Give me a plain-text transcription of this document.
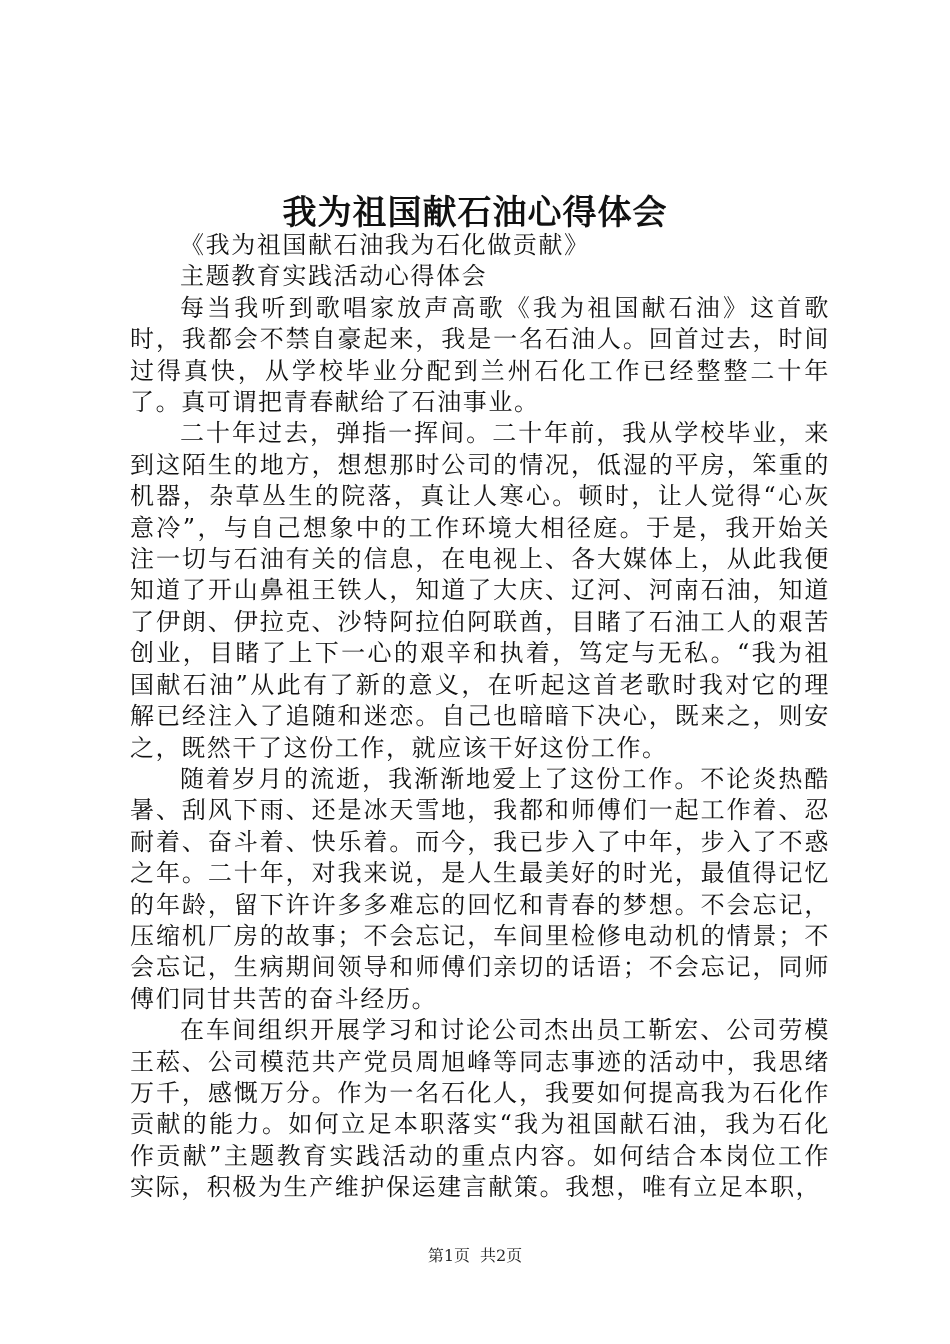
我为祖国献石油心得体会

《我为祖国献石油我为石化做贡献》

主题教育实践活动心得体会

每当我听到歌唱家放声高歌《我为祖国献石油》这首歌时，我都会不禁自豪起来，我是一名石油人。回首过去，时间过得真快，从学校毕业分配到兰州石化工作已经整整二十年了。真可谓把青春献给了石油事业。

二十年过去，弹指一挥间。二十年前，我从学校毕业，来到这陌生的地方，想想那时公司的情况，低湿的平房，笨重的机器，杂草丛生的院落，真让人寒心。顿时，让人觉得“心灰意冷”，与自己想象中的工作环境大相径庭。于是，我开始关注一切与石油有关的信息，在电视上、各大媒体上，从此我便知道了开山鼻祖王铁人，知道了大庆、辽河、河南石油，知道了伊朗、伊拉克、沙特阿拉伯阿联酋，目睹了石油工人的艰苦创业，目睹了上下一心的艰辛和执着，笃定与无私。“我为祖国献石油”从此有了新的意义，在听起这首老歌时我对它的理解已经注入了追随和迷恋。自己也暗暗下决心，既来之，则安之，既然干了这份工作，就应该干好这份工作。

随着岁月的流逝，我渐渐地爱上了这份工作。不论炎热酷暑、刮风下雨、还是冰天雪地，我都和师傅们一起工作着、忍耐着、奋斗着、快乐着。而今，我已步入了中年，步入了不惑之年。二十年，对我来说，是人生最美好的时光，最值得记忆的年龄，留下许许多多难忘的回忆和青春的梦想。不会忘记，压缩机厂房的故事；不会忘记，车间里检修电动机的情景；不会忘记，生病期间领导和师傅们亲切的话语；不会忘记，同师傅们同甘共苦的奋斗经历。

在车间组织开展学习和讨论公司杰出员工靳宏、公司劳模王菘、公司模范共产党员周旭峰等同志事迹的活动中，我思绪万千，感慨万分。作为一名石化人，我要如何提高我为石化作贡献的能力。如何立足本职落实“我为祖国献石油，我为石化作贡献”主题教育实践活动的重点内容。如何结合本岗位工作实际，积极为生产维护保运建言献策。我想，唯有立足本职，

第1页 共2页
